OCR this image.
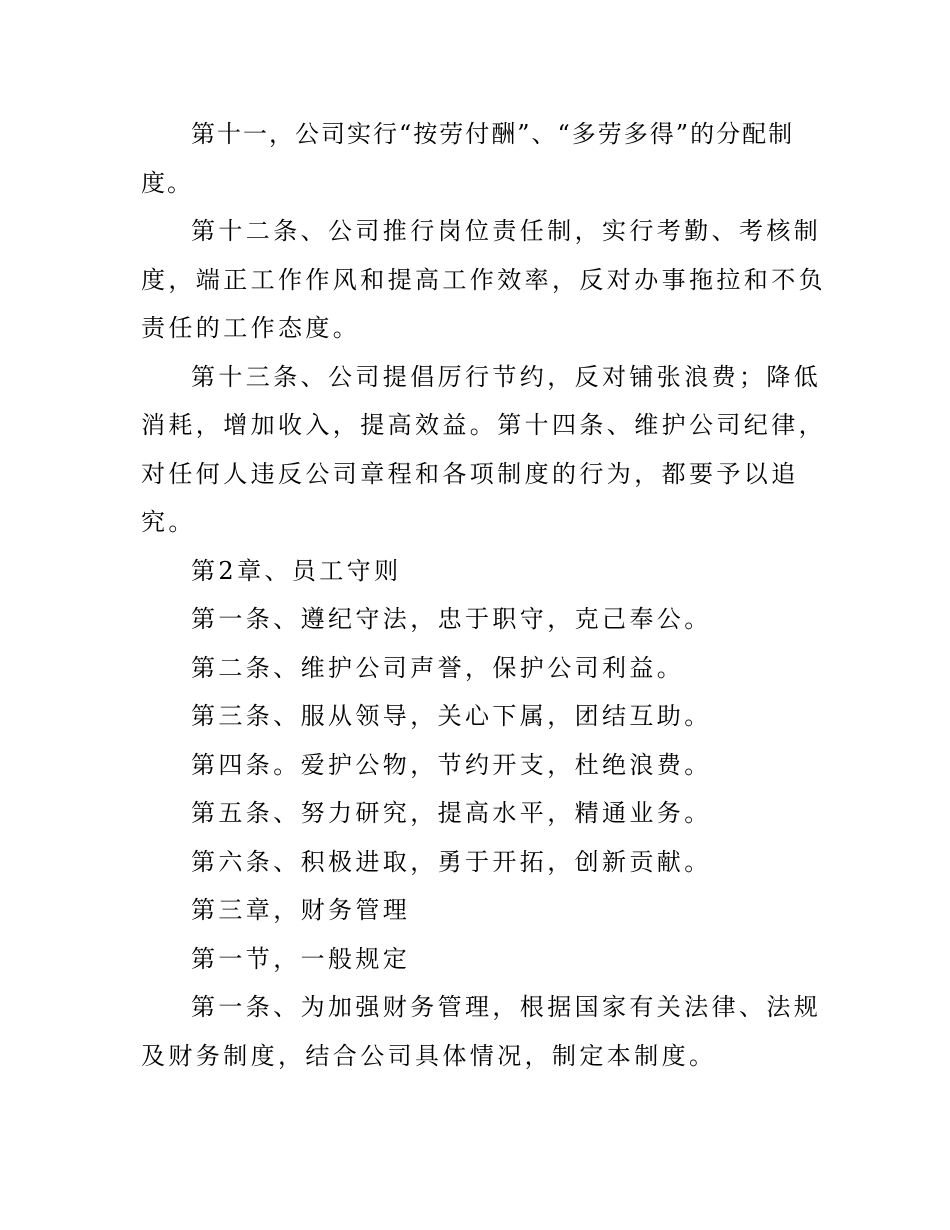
第十一，公司实行“按劳付酬”、“多劳多得”的分配制度。

第十二条、公司推行岗位责任制，实行考勤、考核制度，端正工作作风和提高工作效率，反对办事拖拉和不负责任的工作态度。

第十三条、公司提倡厉行节约，反对铺张浪费；降低消耗，增加收入，提高效益。第十四条、维护公司纪律，对任何人违反公司章程和各项制度的行为，都要予以追究。

第2章、员工守则

第一条、遵纪守法，忠于职守，克己奉公。

第二条、维护公司声誉，保护公司利益。

第三条、服从领导，关心下属，团结互助。

第四条。爱护公物，节约开支，杜绝浪费。

第五条、努力研究，提高水平，精通业务。

第六条、积极进取，勇于开拓，创新贡献。

第三章，财务管理

第一节，一般规定

第一条、为加强财务管理，根据国家有关法律、法规及财务制度，结合公司具体情况，制定本制度。
